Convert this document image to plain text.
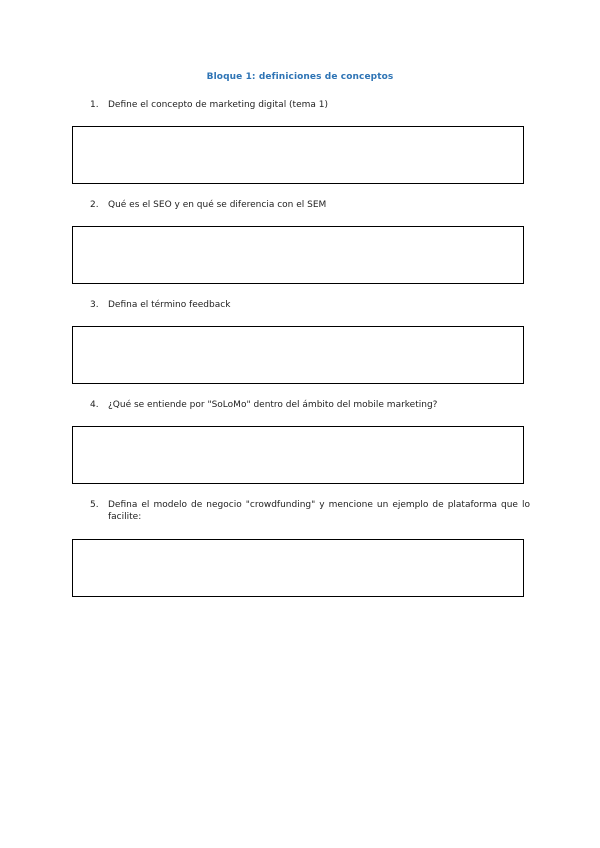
Bloque 1: definiciones de conceptos
1.	Define el concepto de marketing digital (tema 1)
2.	Qué es el SEO y en qué se diferencia con el SEM
3.	Defina el término feedback
4.	¿Qué se entiende por "SoLoMo" dentro del ámbito del mobile marketing?
5.	Defina el modelo de negocio "crowdfunding" y mencione un ejemplo de plataforma que lo facilite:
